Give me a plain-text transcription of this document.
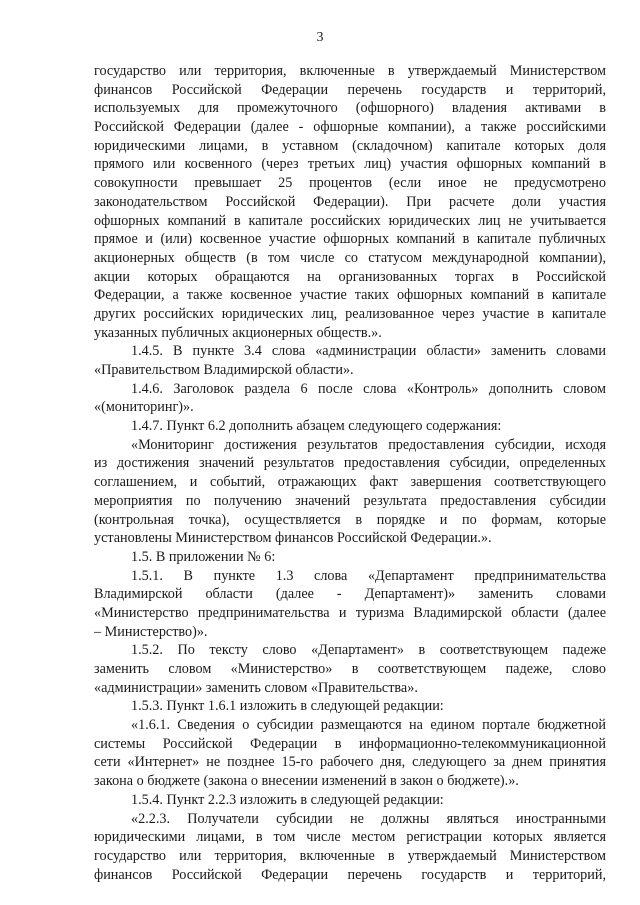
3
государство или территория, включенные в утверждаемый Министерством
финансов Российской Федерации перечень государств и территорий,
используемых для промежуточного (офшорного) владения активами в
Российской Федерации (далее - офшорные компании), а также российскими
юридическими лицами, в уставном (складочном) капитале которых доля
прямого или косвенного (через третьих лиц) участия офшорных компаний в
совокупности превышает 25 процентов (если иное не предусмотрено
законодательством Российской Федерации). При расчете доли участия
офшорных компаний в капитале российских юридических лиц не учитывается
прямое и (или) косвенное участие офшорных компаний в капитале публичных
акционерных обществ (в том числе со статусом международной компании),
акции которых обращаются на организованных торгах в Российской
Федерации, а также косвенное участие таких офшорных компаний в капитале
других российских юридических лиц, реализованное через участие в капитале
указанных публичных акционерных обществ.».
1.4.5. В пункте 3.4 слова «администрации области» заменить словами
«Правительством Владимирской области».
1.4.6. Заголовок раздела 6 после слова «Контроль» дополнить словом
«(мониторинг)».
1.4.7. Пункт 6.2 дополнить абзацем следующего содержания:
«Мониторинг достижения результатов предоставления субсидии, исходя
из достижения значений результатов предоставления субсидии, определенных
соглашением, и событий, отражающих факт завершения соответствующего
мероприятия по получению значений результата предоставления субсидии
(контрольная точка), осуществляется в порядке и по формам, которые
установлены Министерством финансов Российской Федерации.».
1.5. В приложении № 6:
1.5.1. В пункте 1.3 слова «Департамент предпринимательства
Владимирской области (далее - Департамент)» заменить словами
«Министерство предпринимательства и туризма Владимирской области (далее
– Министерство)».
1.5.2. По тексту слово «Департамент» в соответствующем падеже
заменить словом «Министерство» в соответствующем падеже, слово
«администрации» заменить словом «Правительства».
1.5.3. Пункт 1.6.1 изложить в следующей редакции:
«1.6.1. Сведения о субсидии размещаются на едином портале бюджетной
системы Российской Федерации в информационно-телекоммуникационной
сети «Интернет» не позднее 15-го рабочего дня, следующего за днем принятия
закона о бюджете (закона о внесении изменений в закон о бюджете).».
1.5.4. Пункт 2.2.3 изложить в следующей редакции:
«2.2.3. Получатели субсидии не должны являться иностранными
юридическими лицами, в том числе местом регистрации которых является
государство или территория, включенные в утверждаемый Министерством
финансов Российской Федерации перечень государств и территорий,
